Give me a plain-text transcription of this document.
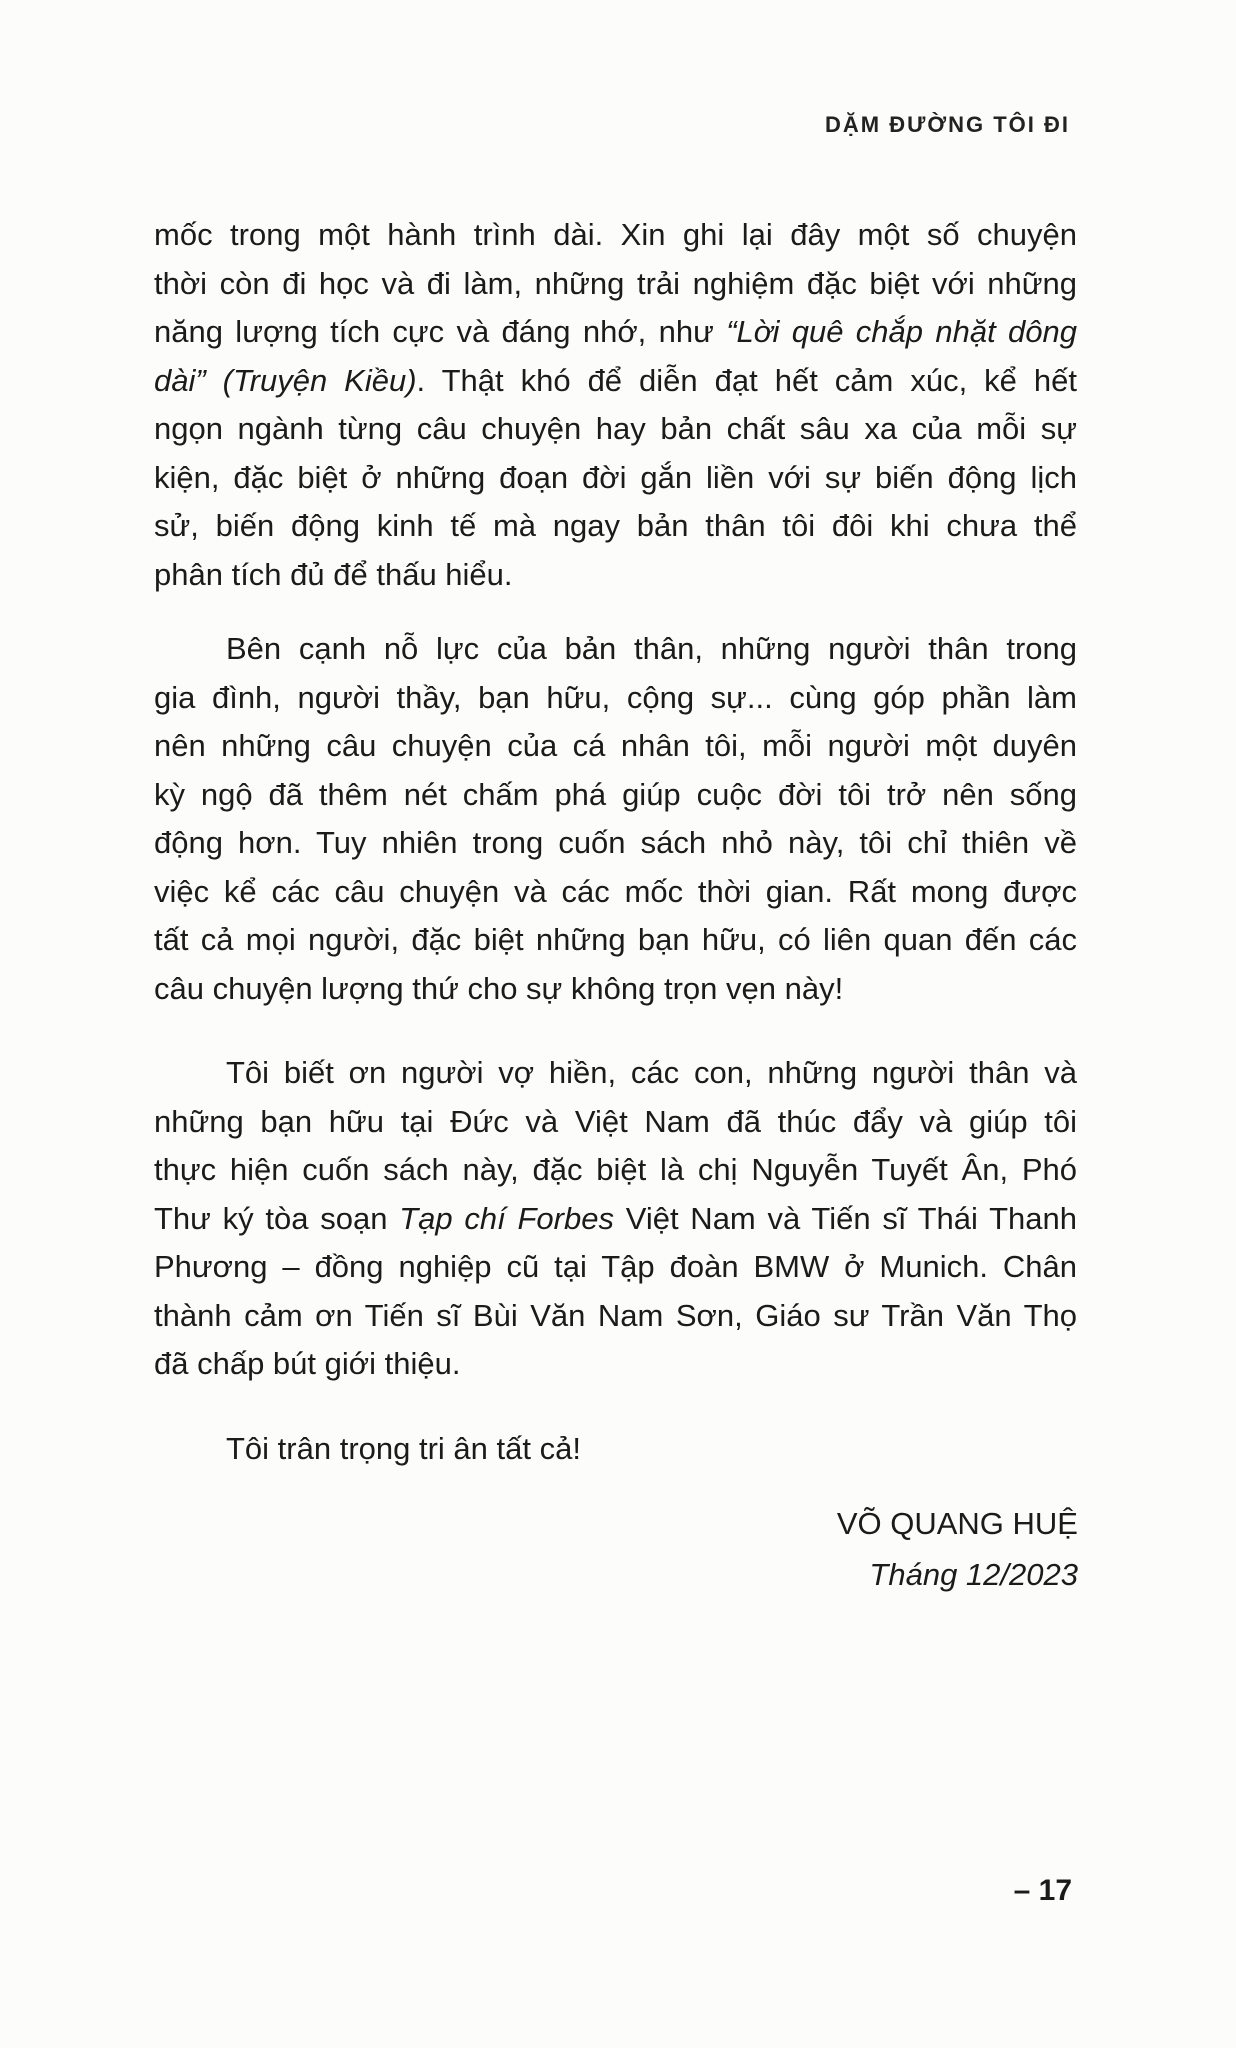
DẶM ĐƯỜNG TÔI ĐI
mốc trong một hành trình dài. Xin ghi lại đây một số chuyện
thời còn đi học và đi làm, những trải nghiệm đặc biệt với những
năng lượng tích cực và đáng nhớ, như “Lời quê chắp nhặt dông
dài” (Truyện Kiều). Thật khó để diễn đạt hết cảm xúc, kể hết
ngọn ngành từng câu chuyện hay bản chất sâu xa của mỗi sự
kiện, đặc biệt ở những đoạn đời gắn liền với sự biến động lịch
sử, biến động kinh tế mà ngay bản thân tôi đôi khi chưa thể
phân tích đủ để thấu hiểu.
Bên cạnh nỗ lực của bản thân, những người thân trong
gia đình, người thầy, bạn hữu, cộng sự... cùng góp phần làm
nên những câu chuyện của cá nhân tôi, mỗi người một duyên
kỳ ngộ đã thêm nét chấm phá giúp cuộc đời tôi trở nên sống
động hơn. Tuy nhiên trong cuốn sách nhỏ này, tôi chỉ thiên về
việc kể các câu chuyện và các mốc thời gian. Rất mong được
tất cả mọi người, đặc biệt những bạn hữu, có liên quan đến các
câu chuyện lượng thứ cho sự không trọn vẹn này!
Tôi biết ơn người vợ hiền, các con, những người thân và
những bạn hữu tại Đức và Việt Nam đã thúc đẩy và giúp tôi
thực hiện cuốn sách này, đặc biệt là chị Nguyễn Tuyết Ân, Phó
Thư ký tòa soạn Tạp chí Forbes Việt Nam và Tiến sĩ Thái Thanh
Phương – đồng nghiệp cũ tại Tập đoàn BMW ở Munich. Chân
thành cảm ơn Tiến sĩ Bùi Văn Nam Sơn, Giáo sư Trần Văn Thọ
đã chấp bút giới thiệu.
Tôi trân trọng tri ân tất cả!
VÕ QUANG HUỆ
Tháng 12/2023
– 17
